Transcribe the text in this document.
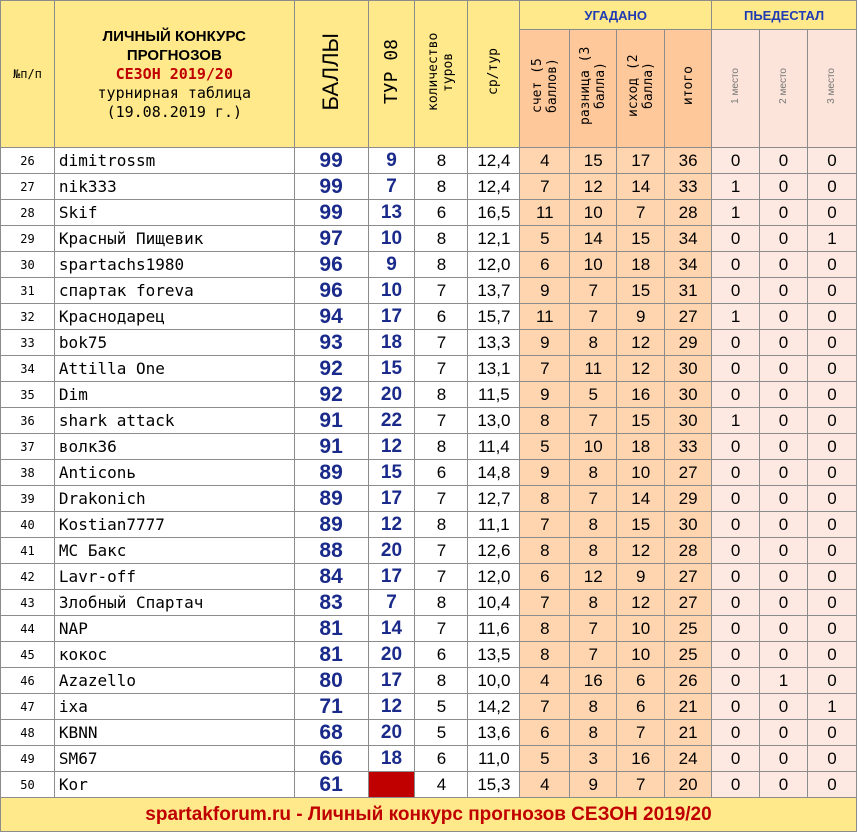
№п/п	ЛИЧНЫЙ КОНКУРС
ПРОГНОЗОВ
СЕЗОН 2019/20
турнирная таблица
(19.08.2019 г.)	БАЛЛЫ	ТУР 08	количество туров	ср/тур	УГАДАНО				ПЬЕДЕСТАЛ		
						счет (5 баллов)	разница (3 балла)	исход (2 балла)	итого	1 место	2 место	3 место
26	dimitrossm	99	9	8	12,4	4	15	17	36	0	0	0
27	nik333	99	7	8	12,4	7	12	14	33	1	0	0
28	Skif	99	13	6	16,5	11	10	7	28	1	0	0
29	Красный Пищевик	97	10	8	12,1	5	14	15	34	0	0	1
30	spartachs1980	96	9	8	12,0	6	10	18	34	0	0	0
31	спартак foreva	96	10	7	13,7	9	7	15	31	0	0	0
32	Краснодарец	94	17	6	15,7	11	7	9	27	1	0	0
33	bok75	93	18	7	13,3	9	8	12	29	0	0	0
34	Attilla One	92	15	7	13,1	7	11	12	30	0	0	0
35	Dim	92	20	8	11,5	9	5	16	30	0	0	0
36	shark attack	91	22	7	13,0	8	7	15	30	1	0	0
37	волк36	91	12	8	11,4	5	10	18	33	0	0	0
38	Anticonь	89	15	6	14,8	9	8	10	27	0	0	0
39	Drakonich	89	17	7	12,7	8	7	14	29	0	0	0
40	Kostian7777	89	12	8	11,1	7	8	15	30	0	0	0
41	MC Бакс	88	20	7	12,6	8	8	12	28	0	0	0
42	Lavr-off	84	17	7	12,0	6	12	9	27	0	0	0
43	Злобный Спартач	83	7	8	10,4	7	8	12	27	0	0	0
44	NAP	81	14	7	11,6	8	7	10	25	0	0	0
45	кокос	81	20	6	13,5	8	7	10	25	0	0	0
46	Azazello	80	17	8	10,0	4	16	6	26	0	1	0
47	ixa	71	12	5	14,2	7	8	6	21	0	0	1
48	KBNN	68	20	5	13,6	6	8	7	21	0	0	0
49	SM67	66	18	6	11,0	5	3	16	24	0	0	0
50	Kor	61		4	15,3	4	9	7	20	0	0	0
spartakforum.ru - Личный конкурс прогнозов СЕЗОН 2019/20												
